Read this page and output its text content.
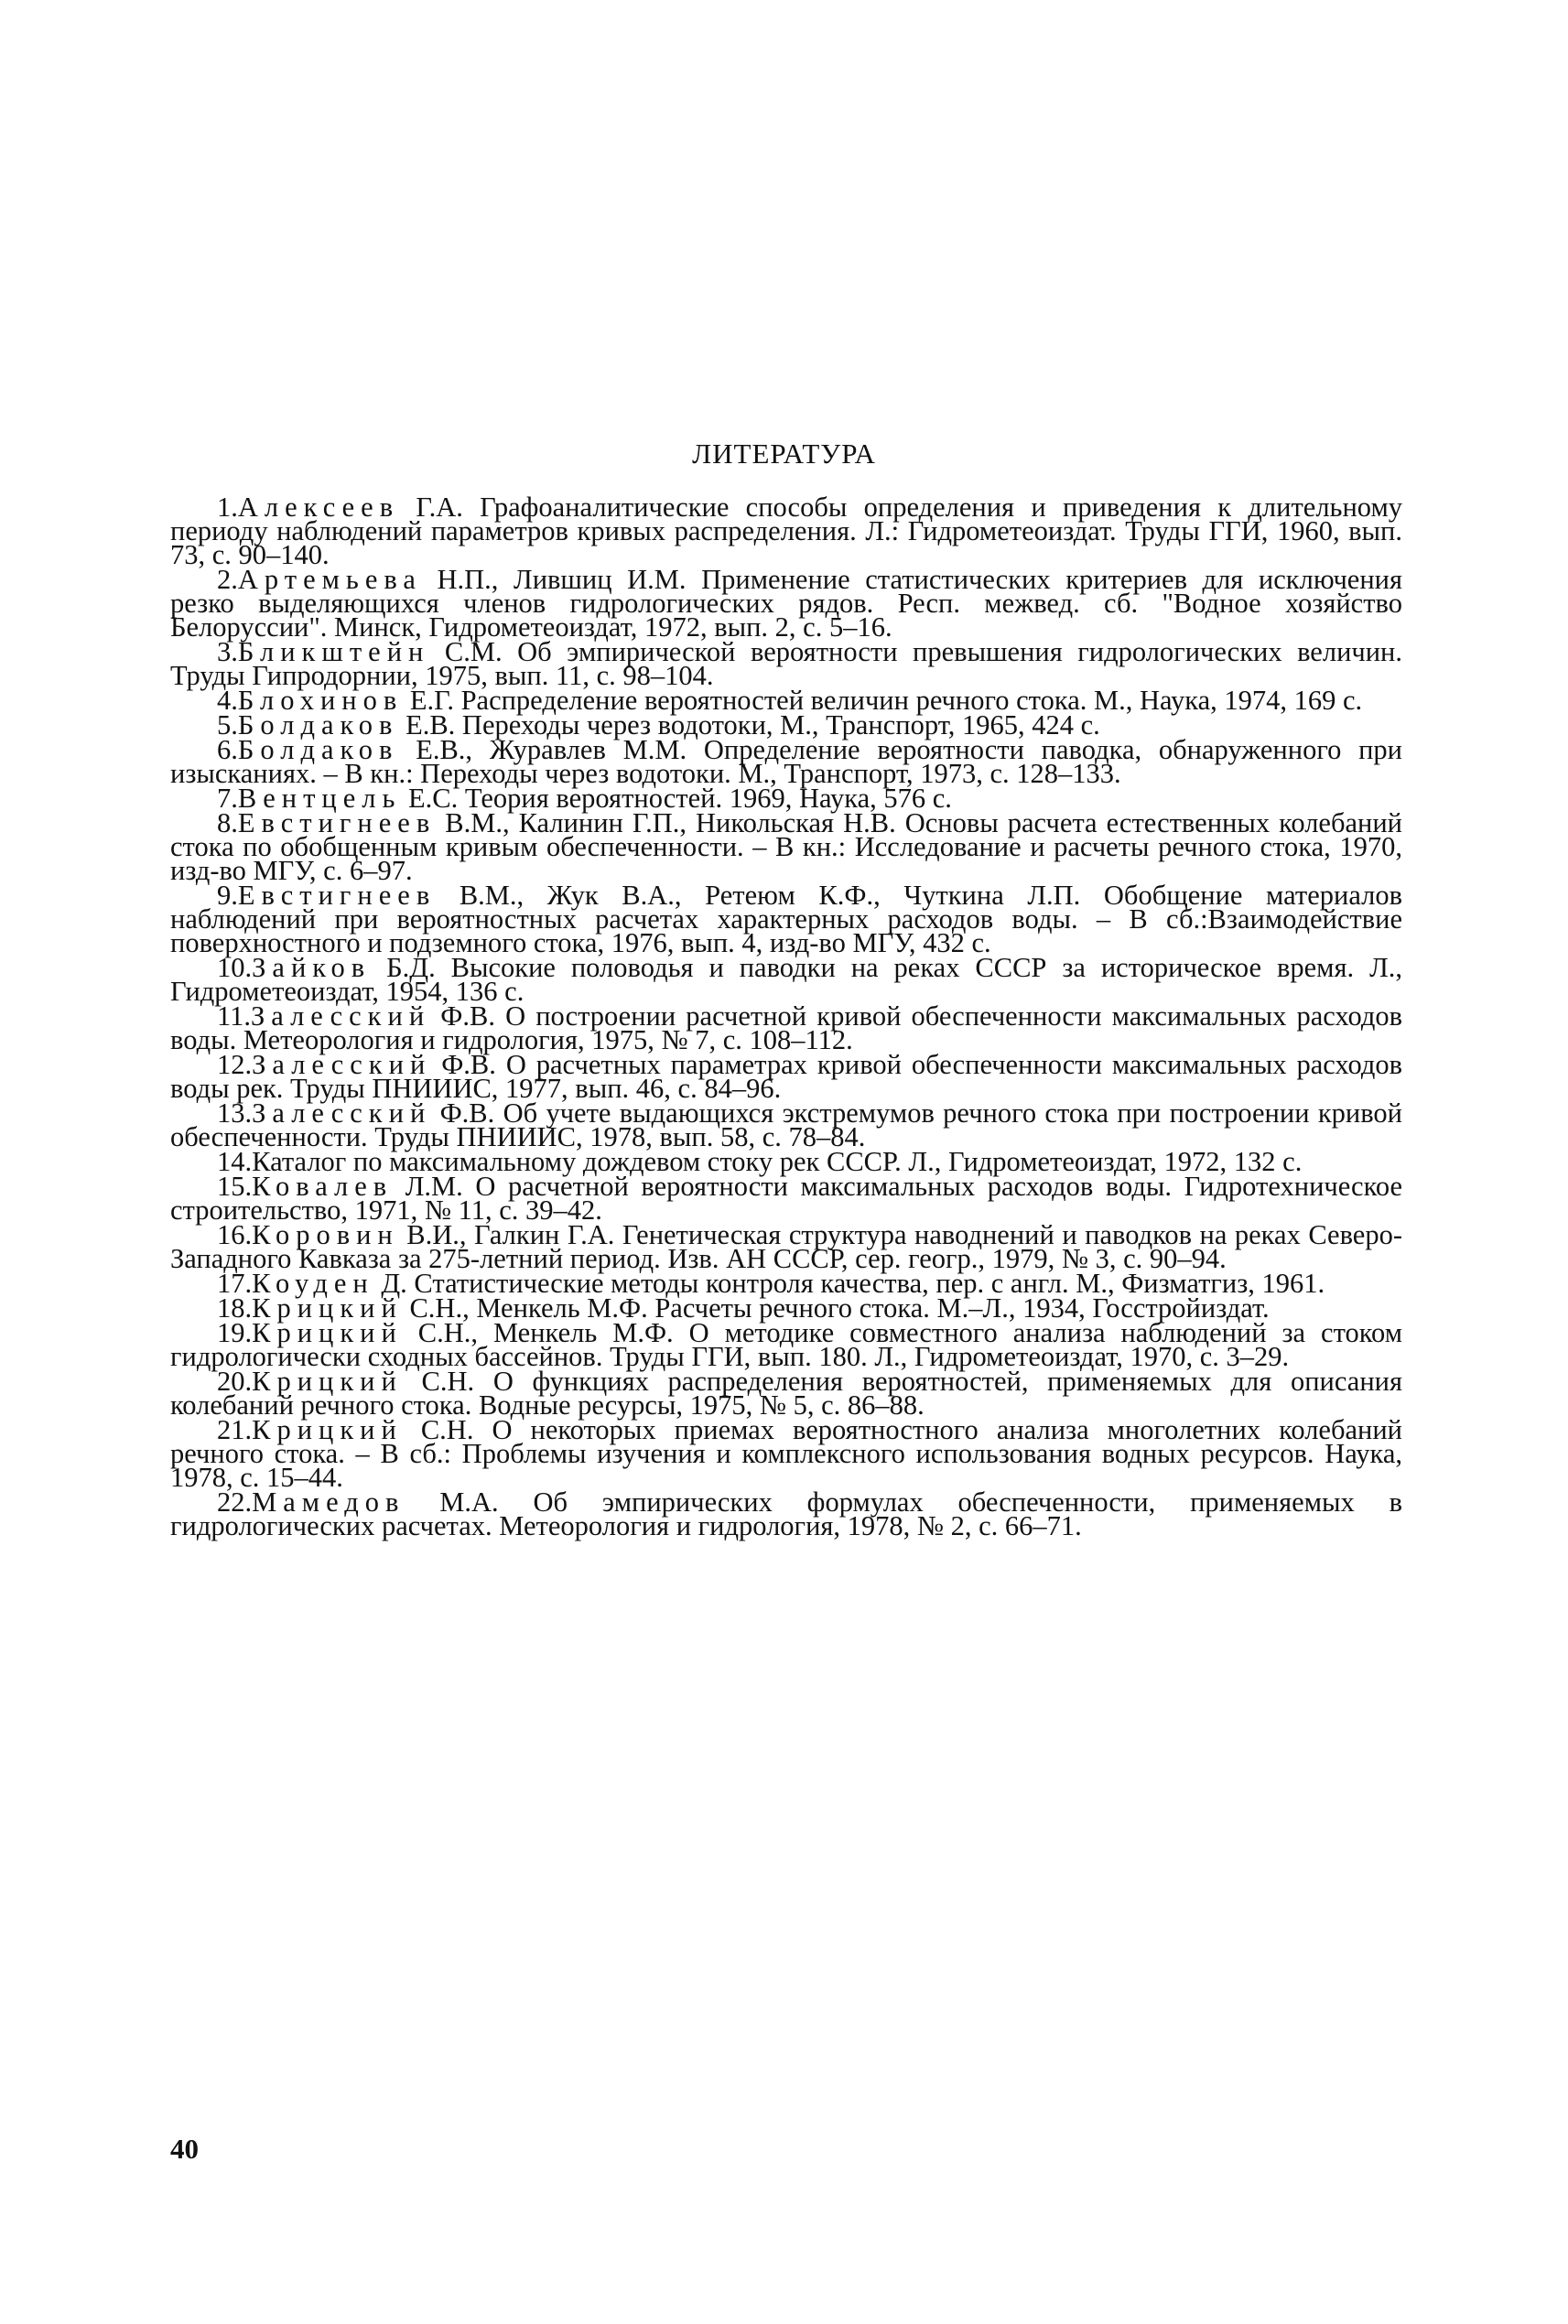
ЛИТЕРАТУРА

1.Алексеев Г.А. Графоаналитические способы определения и приведения к длительному периоду наблюдений параметров кривых распределения. Л.: Гидрометеоиздат. Труды ГГИ, 1960, вып. 73, с. 90–140.

2.Артемьева Н.П., Лившиц И.М. Применение статистических критериев для исключения резко выделяющихся членов гидрологических рядов. Респ. межвед. сб. "Водное хозяйство Белоруссии". Минск, Гидрометеоиздат, 1972, вып. 2, с. 5–16.

3.Бликштейн С.М. Об эмпирической вероятности превышения гидрологических величин. Труды Гипродорнии, 1975, вып. 11, с. 98–104.

4.Блохинов Е.Г. Распределение вероятностей величин речного стока. М., Наука, 1974, 169 с.

5.Болдаков Е.В. Переходы через водотоки, М., Транспорт, 1965, 424 с.

6.Болдаков Е.В., Журавлев М.М. Определение вероятности паводка, обнаруженного при изысканиях. – В кн.: Переходы через водотоки. М., Транспорт, 1973, с. 128–133.

7.Вентцель Е.С. Теория вероятностей. 1969, Наука, 576 с.

8.Евстигнеев В.М., Калинин Г.П., Никольская Н.В. Основы расчета естественных колебаний стока по обобщенным кривым обеспеченности. – В кн.: Исследование и расчеты речного стока, 1970, изд-во МГУ, с. 6–97.

9.Евстигнеев В.М., Жук В.А., Ретеюм К.Ф., Чуткина Л.П. Обобщение материалов наблюдений при вероятностных расчетах характерных расходов воды. – В сб.:Взаимодействие поверхностного и подземного стока, 1976, вып. 4, изд-во МГУ, 432 с.

10.Зайков Б.Д. Высокие половодья и паводки на реках СССР за историческое время. Л., Гидрометеоиздат, 1954, 136 с.

11.Залесский Ф.В. О построении расчетной кривой обеспеченности максимальных расходов воды. Метеорология и гидрология, 1975, № 7, с. 108–112.

12.Залесский Ф.В. О расчетных параметрах кривой обеспеченности максимальных расходов воды рек. Труды ПНИИИС, 1977, вып. 46, с. 84–96.

13.Залесский Ф.В. Об учете выдающихся экстремумов речного стока при построении кривой обеспеченности. Труды ПНИИИС, 1978, вып. 58, с. 78–84.

14.Каталог по максимальному дождевом стоку рек СССР. Л., Гидрометеоиздат, 1972, 132 с.

15.Ковалев Л.М. О расчетной вероятности максимальных расходов воды. Гидротехническое строительство, 1971, № 11, с. 39–42.

16.Коровин В.И., Галкин Г.А. Генетическая структура наводнений и паводков на реках Северо-Западного Кавказа за 275-летний период. Изв. АН СССР, сер. геогр., 1979, № 3, с. 90–94.

17.Коуден Д. Статистические методы контроля качества, пер. с англ. М., Физматгиз, 1961.

18.Крицкий С.Н., Менкель М.Ф. Расчеты речного стока. М.–Л., 1934, Госстройиздат.

19.Крицкий С.Н., Менкель М.Ф. О методике совместного анализа наблюдений за стоком гидрологически сходных бассейнов. Труды ГГИ, вып. 180. Л., Гидрометеоиздат, 1970, с. 3–29.

20.Крицкий С.Н. О функциях распределения вероятностей, применяемых для описания колебаний речного стока. Водные ресурсы, 1975, № 5, с. 86–88.

21.Крицкий С.Н. О некоторых приемах вероятностного анализа многолетних колебаний речного стока. – В сб.: Проблемы изучения и комплексного использования водных ресурсов. Наука, 1978, с. 15–44.

22.Мамедов М.А. Об эмпирических формулах обеспеченности, применяемых в гидрологических расчетах. Метеорология и гидрология, 1978, № 2, с. 66–71.

40
